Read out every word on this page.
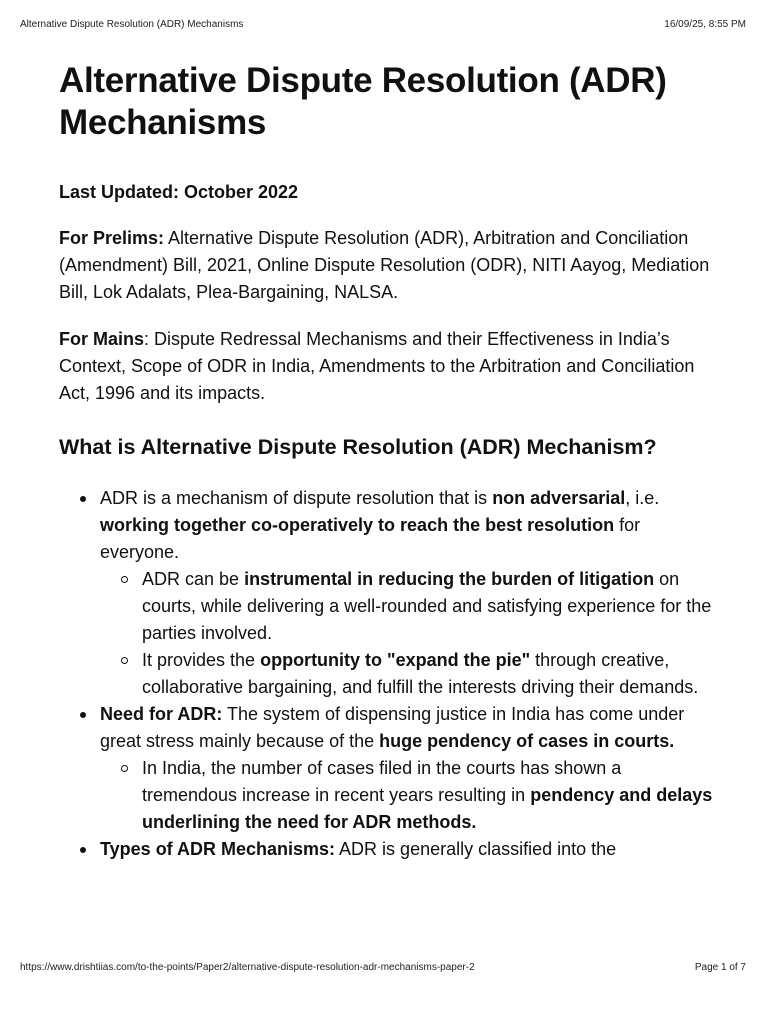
Alternative Dispute Resolution (ADR) Mechanisms	16/09/25, 8:55 PM
Alternative Dispute Resolution (ADR) Mechanisms
Last Updated: October 2022

For Prelims: Alternative Dispute Resolution (ADR), Arbitration and Conciliation (Amendment) Bill, 2021, Online Dispute Resolution (ODR), NITI Aayog, Mediation Bill, Lok Adalats, Plea-Bargaining, NALSA.

For Mains: Dispute Redressal Mechanisms and their Effectiveness in India’s Context, Scope of ODR in India, Amendments to the Arbitration and Conciliation Act, 1996 and its impacts.

What is Alternative Dispute Resolution (ADR) Mechanism?
ADR is a mechanism of dispute resolution that is non adversarial, i.e. working together co-operatively to reach the best resolution for everyone.
ADR can be instrumental in reducing the burden of litigation on courts, while delivering a well-rounded and satisfying experience for the parties involved.
It provides the opportunity to "expand the pie" through creative, collaborative bargaining, and fulfill the interests driving their demands.
Need for ADR: The system of dispensing justice in India has come under great stress mainly because of the huge pendency of cases in courts.
In India, the number of cases filed in the courts has shown a tremendous increase in recent years resulting in pendency and delays underlining the need for ADR methods.
Types of ADR Mechanisms: ADR is generally classified into the
https://www.drishtiias.com/to-the-points/Paper2/alternative-dispute-resolution-adr-mechanisms-paper-2	Page 1 of 7
